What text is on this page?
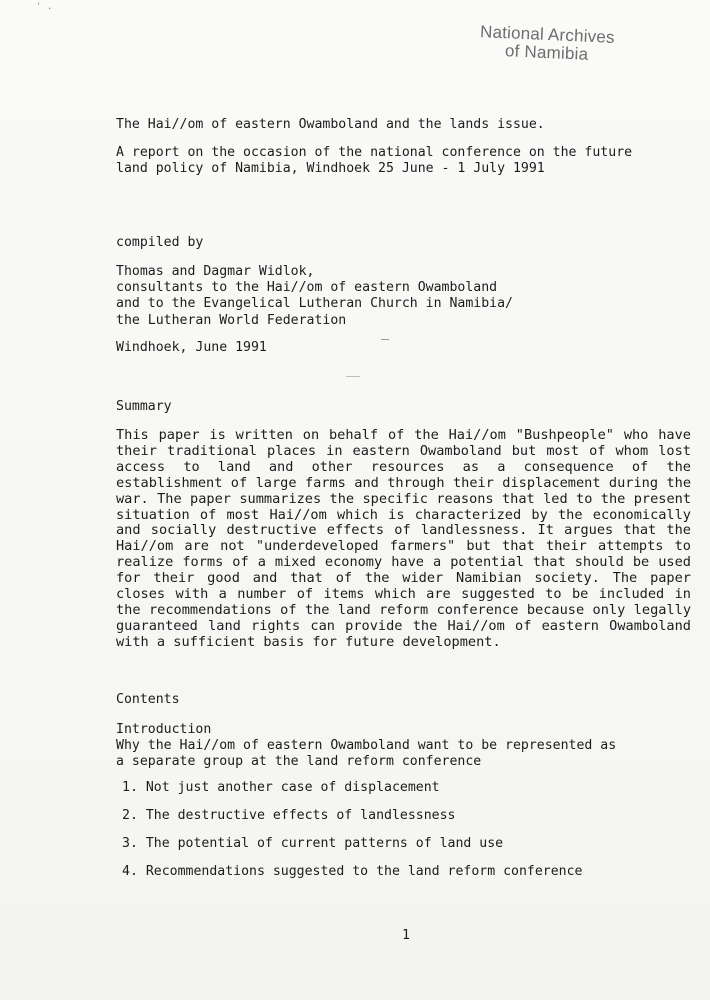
' .
National Archives
of Namibia
The Hai//om of eastern Owamboland and the lands issue.
A report on the occasion of the national conference on the future
land policy of Namibia, Windhoek 25 June - 1 July 1991
compiled by
Thomas and Dagmar Widlok,
consultants to the Hai//om of eastern Owamboland
and to the Evangelical Lutheran Church in Namibia/
the Lutheran World Federation
Windhoek, June 1991
Summary
This paper is written on behalf of the Hai//om "Bushpeople" who have their traditional places in eastern Owamboland but most of whom lost access to land and other resources as a consequence of the establishment of large farms and through their displacement during the war. The paper summarizes the specific reasons that led to the present situation of most Hai//om which is characterized by the economically and socially destructive effects of landlessness. It argues that the Hai//om are not "underdeveloped farmers" but that their attempts to realize forms of a mixed economy have a potential that should be used for their good and that of the wider Namibian society. The paper closes with a number of items which are suggested to be included in the recommendations of the land reform conference because only legally guaranteed land rights can provide the Hai//om of eastern Owamboland with a sufficient basis for future development.
Contents
Introduction
Why the Hai//om of eastern Owamboland want to be represented as
a separate group at the land reform conference
1. Not just another case of displacement
2. The destructive effects of landlessness
3. The potential of current patterns of land use
4. Recommendations suggested to the land reform conference
1
